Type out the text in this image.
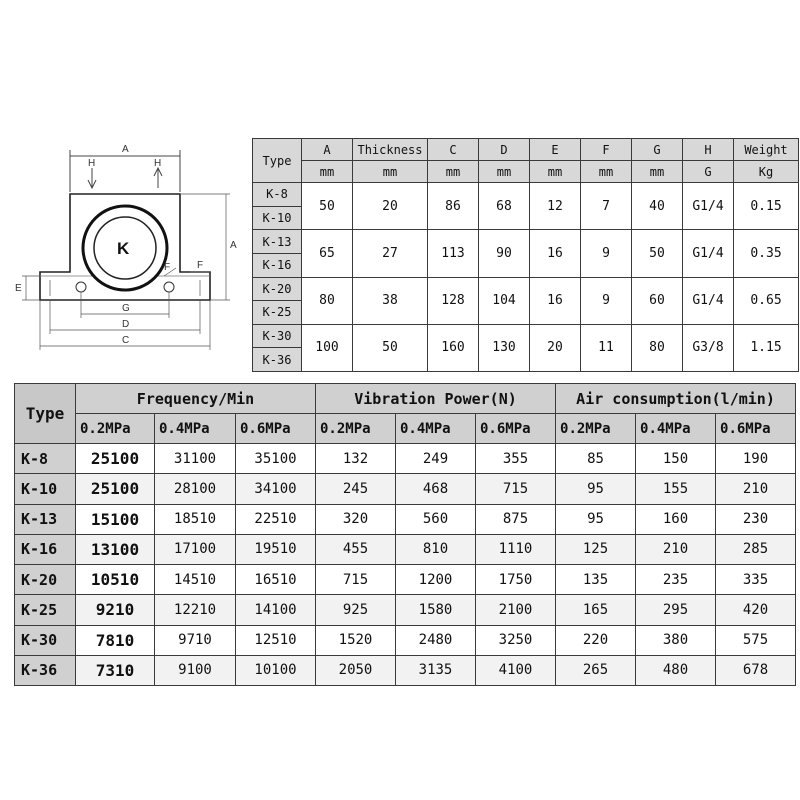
A
H	H
A
E
F	F
G
D
C
K
Type	A	Thickness	C	D	E	F	G	H	Weight
	mm	mm	mm	mm	mm	mm	mm	G	Kg
K-8	50	20	86	68	12	7	40	G1/4	0.15
K-10									
K-13	65	27	113	90	16	9	50	G1/4	0.35
K-16									
K-20	80	38	128	104	16	9	60	G1/4	0.65
K-25									
K-30	100	50	160	130	20	11	80	G3/8	1.15
K-36									
Type	Frequency/Min			Vibration Power(N)			Air consumption(l/min)		
	0.2MPa	0.4MPa	0.6MPa	0.2MPa	0.4MPa	0.6MPa	0.2MPa	0.4MPa	0.6MPa
K-8	25100	31100	35100	132	249	355	85	150	190
K-10	25100	28100	34100	245	468	715	95	155	210
K-13	15100	18510	22510	320	560	875	95	160	230
K-16	13100	17100	19510	455	810	1110	125	210	285
K-20	10510	14510	16510	715	1200	1750	135	235	335
K-25	9210	12210	14100	925	1580	2100	165	295	420
K-30	7810	9710	12510	1520	2480	3250	220	380	575
K-36	7310	9100	10100	2050	3135	4100	265	480	678
